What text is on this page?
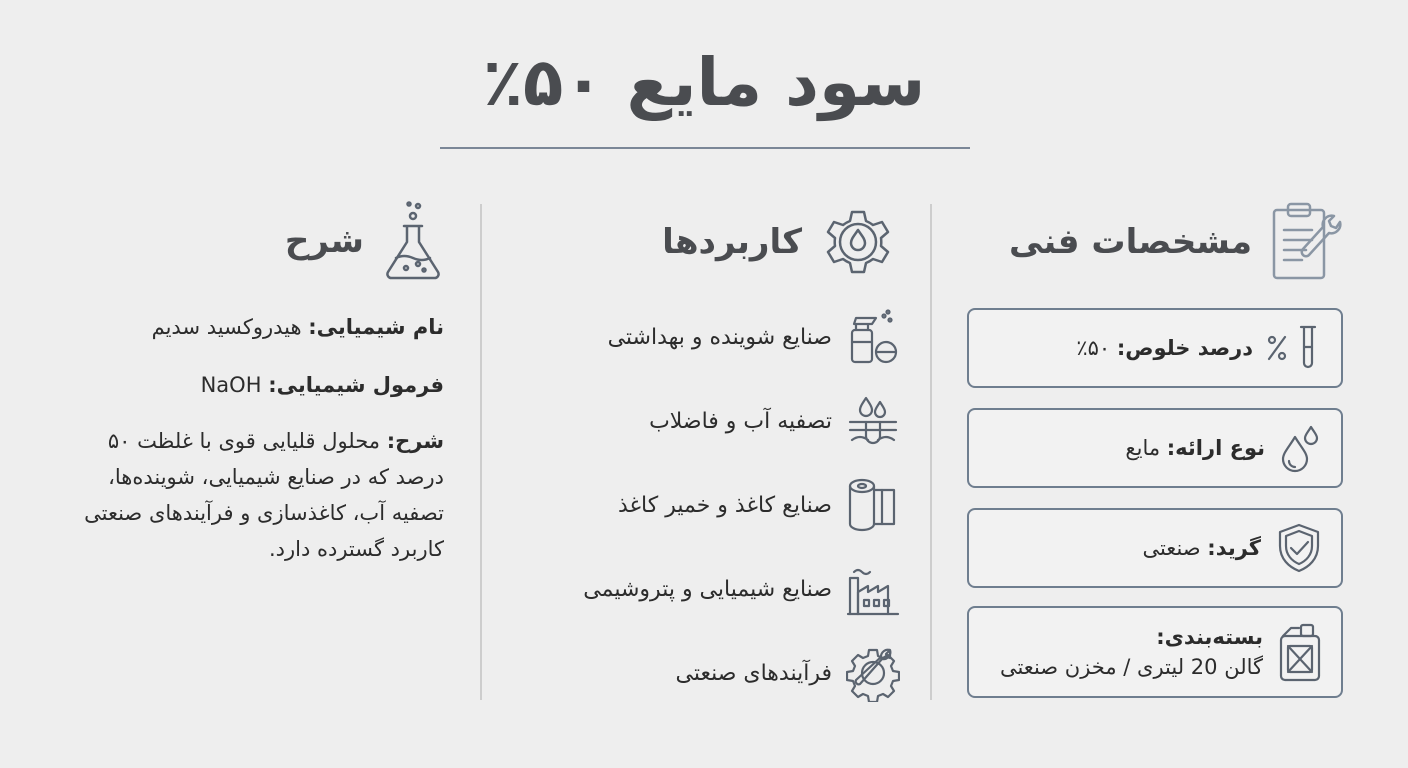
سود مایع ۵۰٪
مشخصات فنی
درصد خلوص: ۵۰٪
نوع ارائه: مایع
گرید: صنعتی
بسته‌بندی:
گالن 20 لیتری / مخزن صنعتی
کاربردها
صنایع شوینده و بهداشتی
تصفیه آب و فاضلاب
صنایع کاغذ و خمیر کاغذ
صنایع شیمیایی و پتروشیمی
فرآیندهای صنعتی
شرح

نام شیمیایی: هیدروکسید سدیم

فرمول شیمیایی: NaOH

شرح: محلول قلیایی قوی با غلظت ۵۰

درصد که در صنایع شیمیایی، شوینده‌ها،

تصفیه آب، کاغذسازی و فرآیندهای صنعتی

کاربرد گسترده دارد.
